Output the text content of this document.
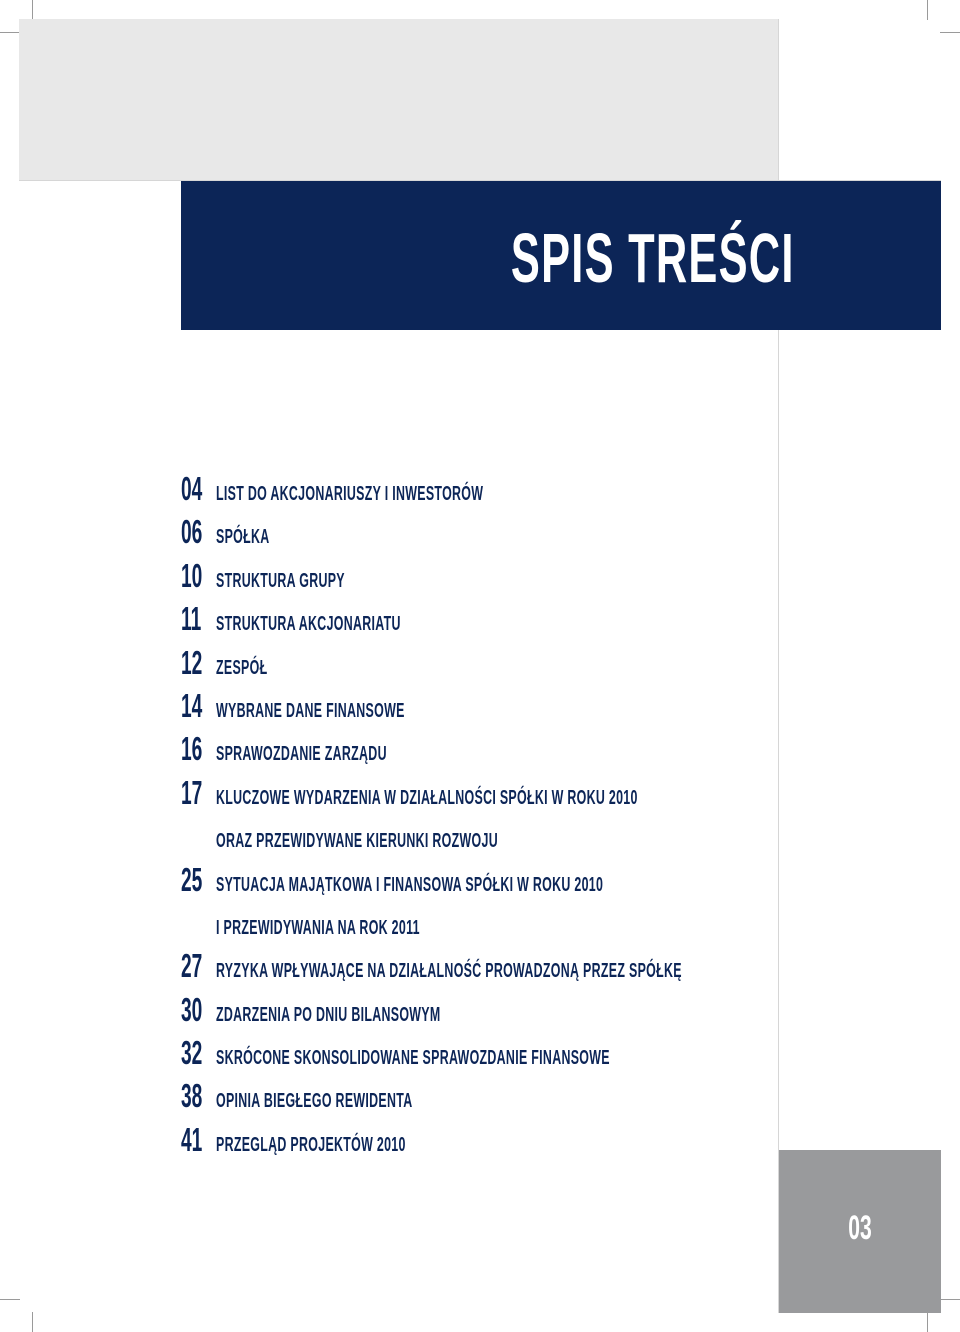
SPIS TREŚCI
04 LIST DO AKCJONARIUSZY I INWESTORÓW
06 SPÓŁKA
10 STRUKTURA GRUPY
11 STRUKTURA AKCJONARIATU
12 ZESPÓŁ
14 WYBRANE DANE FINANSOWE
16 SPRAWOZDANIE ZARZĄDU
17 KLUCZOWE WYDARZENIA W DZIAŁALNOŚCI SPÓŁKI W ROKU 2010
ORAZ PRZEWIDYWANE KIERUNKI ROZWOJU
25 SYTUACJA MAJĄTKOWA I FINANSOWA SPÓŁKI W ROKU 2010
I PRZEWIDYWANIA NA ROK 2011
27 RYZYKA WPŁYWAJĄCE NA DZIAŁALNOŚĆ PROWADZONĄ PRZEZ SPÓŁKĘ
30 ZDARZENIA PO DNIU BILANSOWYM
32 SKRÓCONE SKONSOLIDOWANE SPRAWOZDANIE FINANSOWE
38 OPINIA BIEGŁEGO REWIDENTA
41 PRZEGLĄD PROJEKTÓW 2010
03
